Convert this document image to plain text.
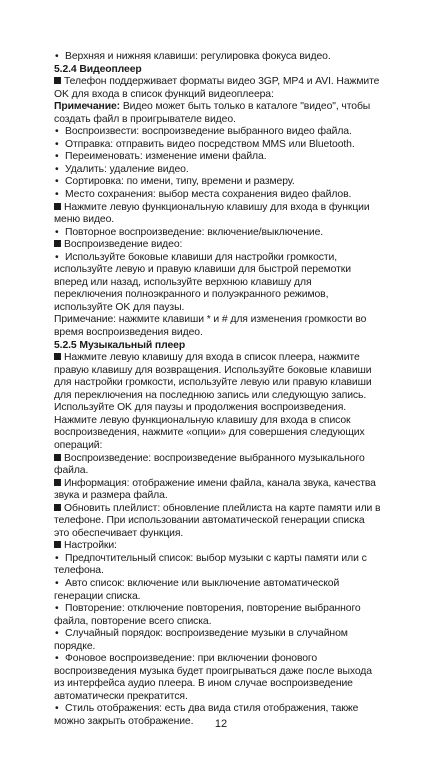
• Верхняя и нижняя клавиши: регулировка фокуса видео.
5.2.4 Видеоплеер
Телефон поддерживает форматы видео 3GP, MP4 и AVI. Нажмите
OK для входа в список функций видеоплеера:
Примечание: Видео может быть только в каталоге "видео", чтобы
создать файл в проигрывателе видео.
• Воспроизвести: воспроизведение выбранного видео файла.
• Отправка: отправить видео посредством MMS или Bluetooth.
• Переименовать: изменение имени файла.
• Удалить: удаление видео.
• Сортировка: по имени, типу, времени и размеру.
• Место сохранения: выбор места сохранения видео файлов.
Нажмите левую функциональную клавишу для входа в функции
меню видео.
• Повторное воспроизведение: включение/выключение.
Воспроизведение видео:
• Используйте боковые клавиши для настройки громкости,
используйте левую и правую клавиши для быстрой перемотки
вперед или назад, используйте верхнюю клавишу для
переключения полноэкранного и полуэкранного режимов,
используйте OK для паузы.
Примечание: нажмите клавиши * и # для изменения громкости во
время воспроизведения видео.
5.2.5 Музыкальный плеер
Нажмите левую клавишу для входа в список плеера, нажмите
правую клавишу для возвращения. Используйте боковые клавиши
для настройки громкости, используйте левую или правую клавиши
для переключения на последнюю запись или следующую запись.
Используйте OK для паузы и продолжения воспроизведения.
Нажмите левую функциональную клавишу для входа в список
воспроизведения, нажмите «опции» для совершения следующих
операций:
Воспроизведение: воспроизведение выбранного музыкального
файла.
Информация: отображение имени файла, канала звука, качества
звука и размера файла.
Обновить плейлист: обновление плейлиста на карте памяти или в
телефоне. При использовании автоматической генерации списка
это обеспечивает функция.
Настройки:
• Предпочтительный список: выбор музыки с карты памяти или с
телефона.
• Авто список: включение или выключение автоматической
генерации списка.
• Повторение: отключение повторения, повторение выбранного
файла, повторение всего списка.
• Случайный порядок: воспроизведение музыки в случайном
порядке.
• Фоновое воспроизведение: при включении фонового
воспроизведения музыка будет проигрываться даже после выхода
из интерфейса аудио плеера. В ином случае воспроизведение
автоматически прекратится.
• Стиль отображения: есть два вида стиля отображения, также
можно закрыть отображение.	12
